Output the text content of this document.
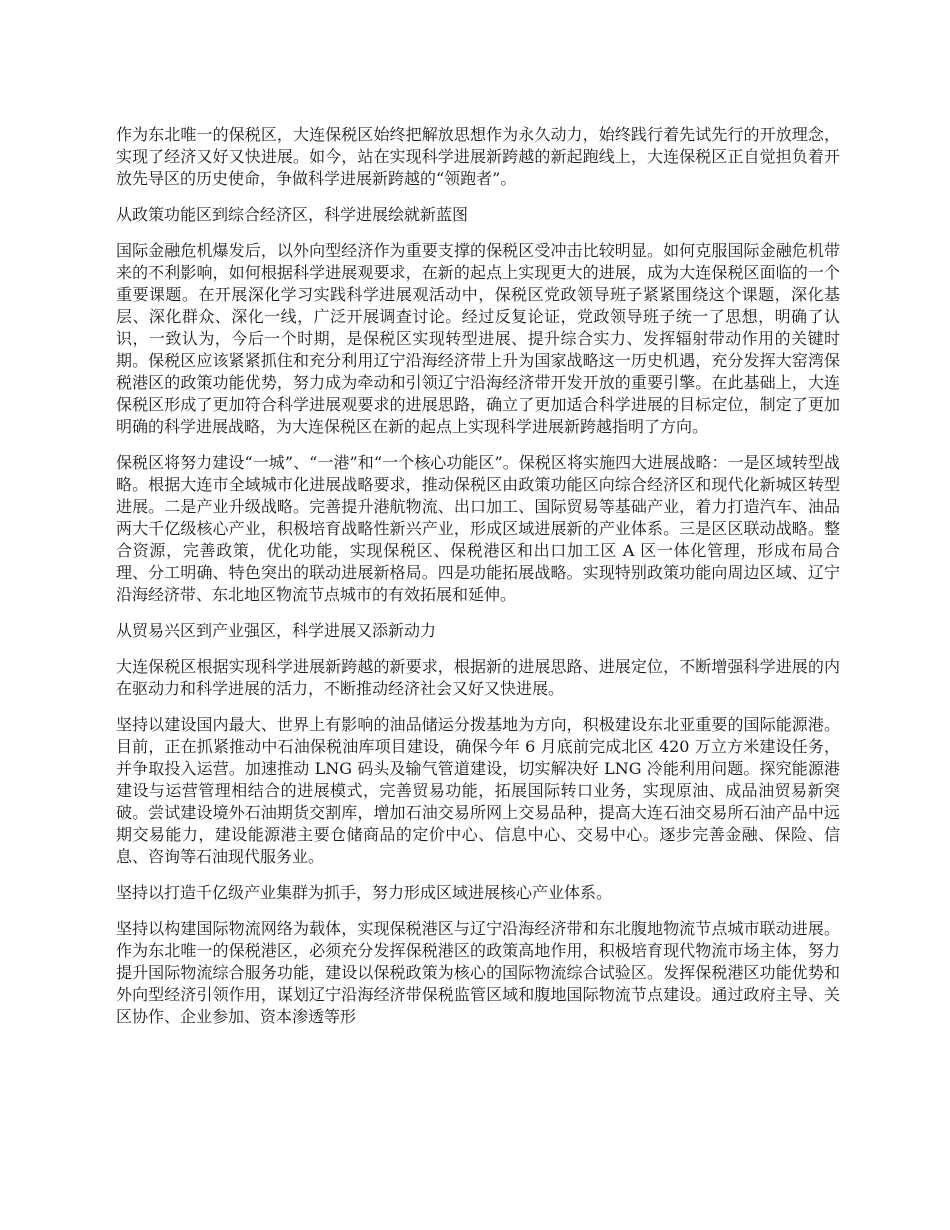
作为东北唯一的保税区，大连保税区始终把解放思想作为永久动力，始终践行着先试先行的开放理念，实现了经济又好又快进展。如今，站在实现科学进展新跨越的新起跑线上，大连保税区正自觉担负着开放先导区的历史使命，争做科学进展新跨越的“领跑者”。

从政策功能区到综合经济区，科学进展绘就新蓝图

国际金融危机爆发后，以外向型经济作为重要支撑的保税区受冲击比较明显。如何克服国际金融危机带来的不利影响，如何根据科学进展观要求，在新的起点上实现更大的进展，成为大连保税区面临的一个重要课题。在开展深化学习实践科学进展观活动中，保税区党政领导班子紧紧围绕这个课题，深化基层、深化群众、深化一线，广泛开展调查讨论。经过反复论证，党政领导班子统一了思想，明确了认识，一致认为，今后一个时期，是保税区实现转型进展、提升综合实力、发挥辐射带动作用的关键时期。保税区应该紧紧抓住和充分利用辽宁沿海经济带上升为国家战略这一历史机遇，充分发挥大窑湾保税港区的政策功能优势，努力成为牵动和引领辽宁沿海经济带开发开放的重要引擎。在此基础上，大连保税区形成了更加符合科学进展观要求的进展思路，确立了更加适合科学进展的目标定位，制定了更加明确的科学进展战略，为大连保税区在新的起点上实现科学进展新跨越指明了方向。

保税区将努力建设“一城”、“一港”和“一个核心功能区”。保税区将实施四大进展战略：一是区域转型战略。根据大连市全域城市化进展战略要求，推动保税区由政策功能区向综合经济区和现代化新城区转型进展。二是产业升级战略。完善提升港航物流、出口加工、国际贸易等基础产业，着力打造汽车、油品两大千亿级核心产业，积极培育战略性新兴产业，形成区域进展新的产业体系。三是区区联动战略。整合资源，完善政策，优化功能，实现保税区、保税港区和出口加工区 A 区一体化管理，形成布局合理、分工明确、特色突出的联动进展新格局。四是功能拓展战略。实现特别政策功能向周边区域、辽宁沿海经济带、东北地区物流节点城市的有效拓展和延伸。

从贸易兴区到产业强区，科学进展又添新动力

大连保税区根据实现科学进展新跨越的新要求，根据新的进展思路、进展定位，不断增强科学进展的内在驱动力和科学进展的活力，不断推动经济社会又好又快进展。

坚持以建设国内最大、世界上有影响的油品储运分拨基地为方向，积极建设东北亚重要的国际能源港。目前，正在抓紧推动中石油保税油库项目建设，确保今年 6 月底前完成北区 420 万立方米建设任务，并争取投入运营。加速推动 LNG 码头及输气管道建设，切实解决好 LNG 冷能利用问题。探究能源港建设与运营管理相结合的进展模式，完善贸易功能，拓展国际转口业务，实现原油、成品油贸易新突破。尝试建设境外石油期货交割库，增加石油交易所网上交易品种，提高大连石油交易所石油产品中远期交易能力，建设能源港主要仓储商品的定价中心、信息中心、交易中心。逐步完善金融、保险、信息、咨询等石油现代服务业。

坚持以打造千亿级产业集群为抓手，努力形成区域进展核心产业体系。

坚持以构建国际物流网络为载体，实现保税港区与辽宁沿海经济带和东北腹地物流节点城市联动进展。作为东北唯一的保税港区，必须充分发挥保税港区的政策高地作用，积极培育现代物流市场主体，努力提升国际物流综合服务功能，建设以保税政策为核心的国际物流综合试验区。发挥保税港区功能优势和外向型经济引领作用，谋划辽宁沿海经济带保税监管区域和腹地国际物流节点建设。通过政府主导、关区协作、企业参加、资本渗透等形
